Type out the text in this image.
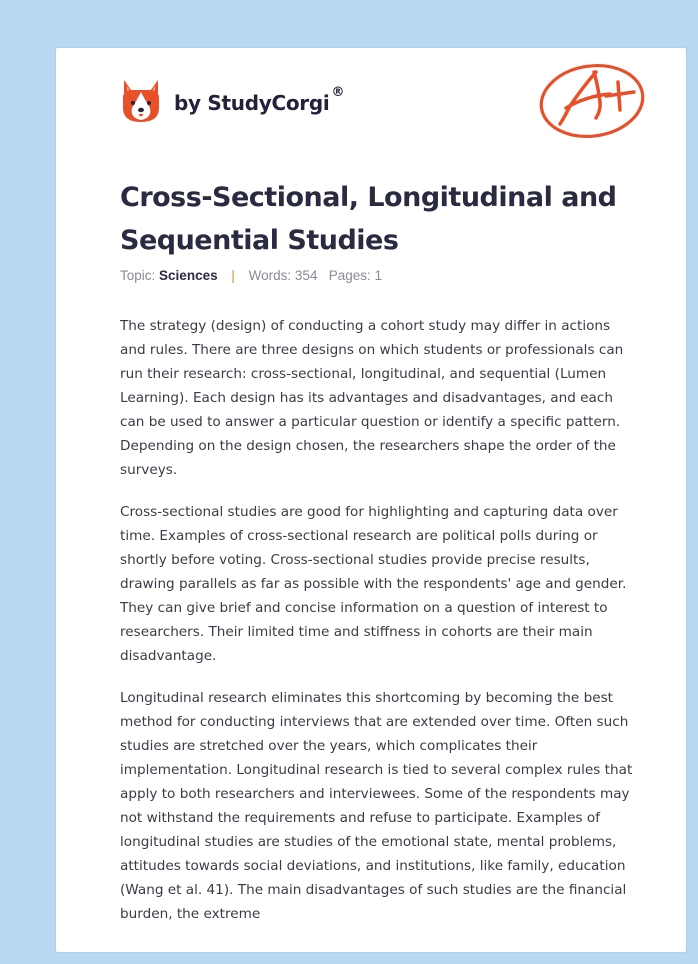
by StudyCorgi ®
Cross-Sectional, Longitudinal and Sequential Studies
Topic: Sciences | Words: 354 Pages: 1

The strategy (design) of conducting a cohort study may differ in actions and rules. There are three designs on which students or professionals can run their research: cross-sectional, longitudinal, and sequential (Lumen Learning). Each design has its advantages and disadvantages, and each can be used to answer a particular question or identify a specific pattern. Depending on the design chosen, the researchers shape the order of the surveys.

Cross-sectional studies are good for highlighting and capturing data over time. Examples of cross-sectional research are political polls during or shortly before voting. Cross-sectional studies provide precise results, drawing parallels as far as possible with the respondents' age and gender. They can give brief and concise information on a question of interest to researchers. Their limited time and stiffness in cohorts are their main disadvantage.

Longitudinal research eliminates this shortcoming by becoming the best method for conducting interviews that are extended over time. Often such studies are stretched over the years, which complicates their implementation. Longitudinal research is tied to several complex rules that apply to both researchers and interviewees. Some of the respondents may not withstand the requirements and refuse to participate. Examples of longitudinal studies are studies of the emotional state, mental problems, attitudes towards social deviations, and institutions, like family, education (Wang et al. 41). The main disadvantages of such studies are the financial burden, the extreme
